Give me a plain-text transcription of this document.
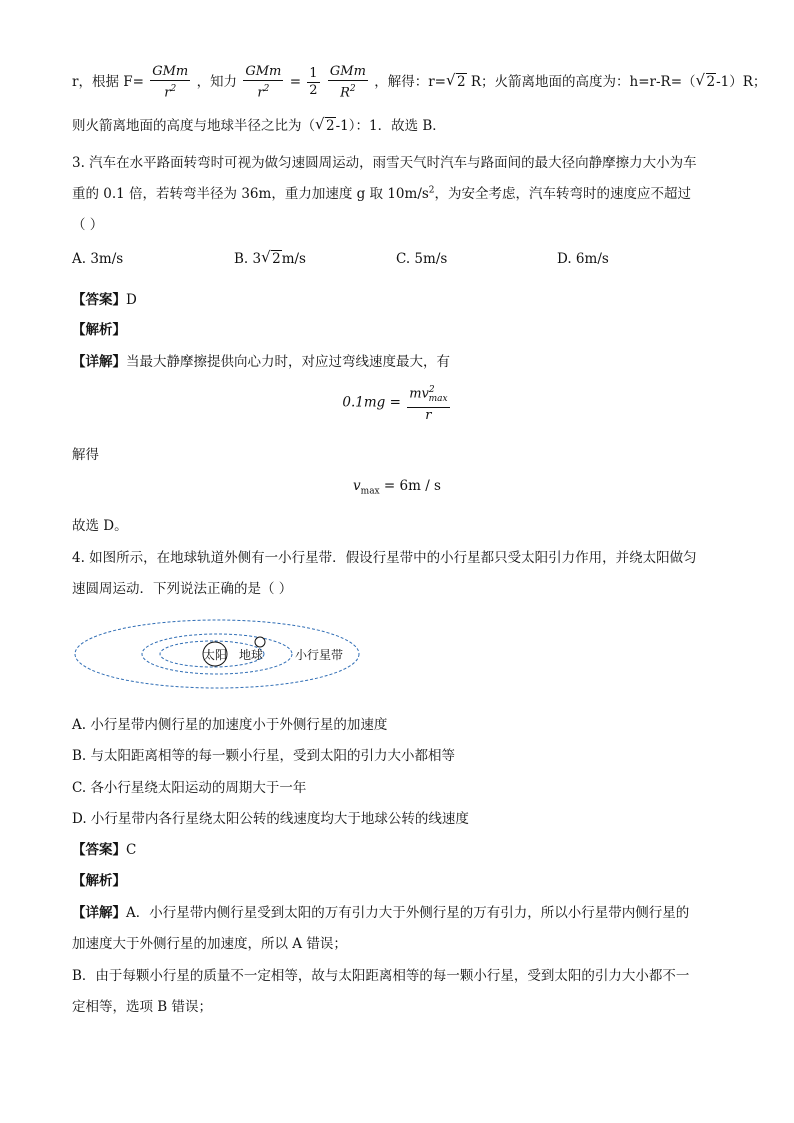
r，根据 $F= \frac{\text{GMm}}{r^2}$ ，知力 $\frac{\text{GMm}}{r^2} = \frac{1}{2}$
$\frac{\text{GMm}}{R^2}$ ，解得：r= √ 2 R；火箭离地面的高度为：h=r-R=（ √ 2-1）R；
则火箭离地面的高度与地球半径之比为（ √ 2-1）：1．故选 B．
3. 汽车在水平路面转弯时可视为做匀速圆周运动，雨雪天气时汽车与路面间的最大径向静摩擦力大小为车
重的 0.1 倍，若转弯半径为 36m，重力加速度 g 取 $10m/s^2$，为安全考虑，汽车转弯时的速度应不超过
（ ）
A. 3m/s	B. 3 √ 2m/s	C. 5m/s	D. 6m/s
【答案】D
【解析】
【详解】当最大静摩擦提供向心力时，对应过弯线速度最大，有
$0.1mg = \frac{mv^2_{max}}{r}$
解得
$v_{max} = 6m / s$
故选 D。
4. 如图所示，在地球轨道外侧有一小行星带．假设行星带中的小行星都只受太阳引力作用，并绕太阳做匀
速圆周运动．下列说法正确的是（ ）
太阳 地球	小行星带
A. 小行星带内侧行星的加速度小于外侧行星的加速度
B. 与太阳距离相等的每一颗小行星，受到太阳的引力大小都相等
C. 各小行星绕太阳运动的周期大于一年
D. 小行星带内各行星绕太阳公转的线速度均大于地球公转的线速度
【答案】C
【解析】
【详解】A．小行星带内侧行星受到太阳的万有引力大于外侧行星的万有引力，所以小行星带内侧行星的
加速度大于外侧行星的加速度，所以 A 错误；
B．由于每颗小行星的质量不一定相等，故与太阳距离相等的每一颗小行星，受到太阳的引力大小都不一
定相等，选项 B 错误；
